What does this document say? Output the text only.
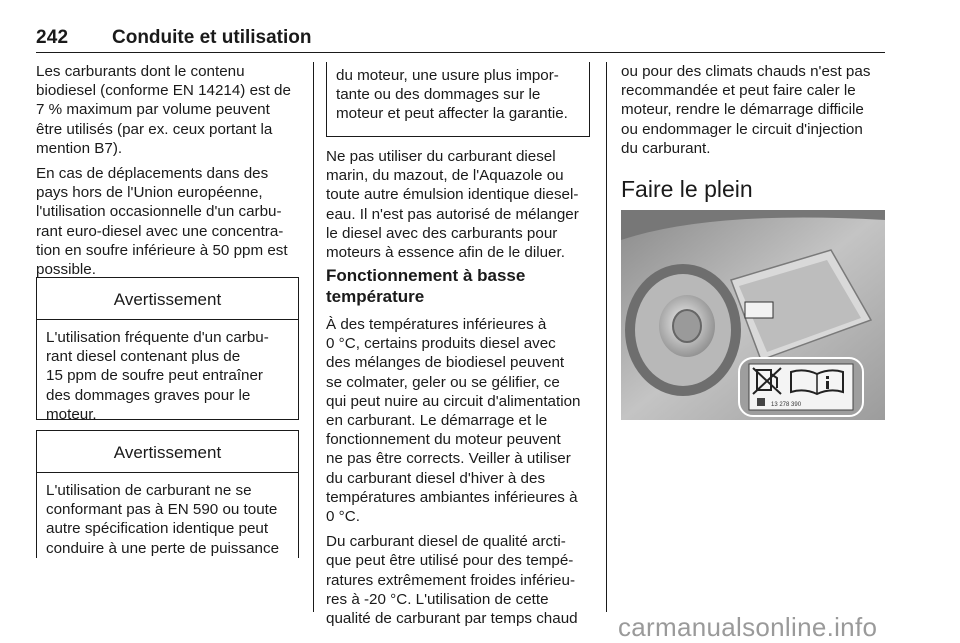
242 Conduite et utilisation

Les carburants dont le contenu
biodiesel (conforme EN 14214) est de
7 % maximum par volume peuvent
être utilisés (par ex. ceux portant la
mention B7).

En cas de déplacements dans des
pays hors de l'Union européenne,
l'utilisation occasionnelle d'un carbu-
rant euro-diesel avec une concentra-
tion en soufre inférieure à 50 ppm est
possible.

Avertissement
L'utilisation fréquente d'un carbu-
rant diesel contenant plus de
15 ppm de soufre peut entraîner
des dommages graves pour le
moteur.
Avertissement
L'utilisation de carburant ne se
conformant pas à EN 590 ou toute
autre spécification identique peut
conduire à une perte de puissance
du moteur, une usure plus impor-
tante ou des dommages sur le
moteur et peut affecter la garantie.

Ne pas utiliser du carburant diesel
marin, du mazout, de l'Aquazole ou
toute autre émulsion identique diesel-
eau. Il n'est pas autorisé de mélanger
le diesel avec des carburants pour
moteurs à essence afin de le diluer.

Fonctionnement à basse
température

À des températures inférieures à
0 °C, certains produits diesel avec
des mélanges de biodiesel peuvent
se colmater, geler ou se gélifier, ce
qui peut nuire au circuit d'alimentation
en carburant. Le démarrage et le
fonctionnement du moteur peuvent
ne pas être corrects. Veiller à utiliser
du carburant diesel d'hiver à des
températures ambiantes inférieures à
0 °C.

Du carburant diesel de qualité arcti-
que peut être utilisé pour des tempé-
ratures extrêmement froides inférieu-
res à -20 °C. L'utilisation de cette
qualité de carburant par temps chaud

ou pour des climats chauds n'est pas
recommandée et peut faire caler le
moteur, rendre le démarrage difficile
ou endommager le circuit d'injection
du carburant.

Faire le plein
13 278 390
carmanualsonline.info
